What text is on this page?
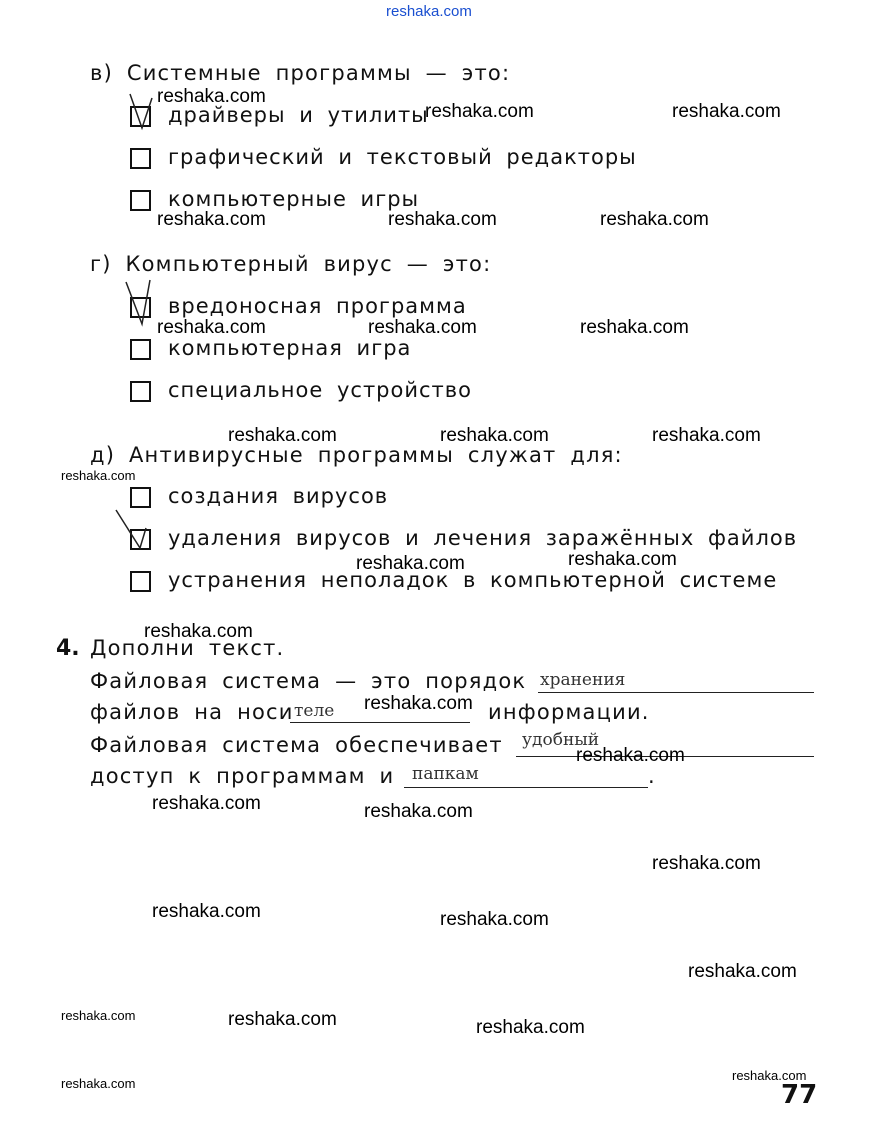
reshaka.com
в) Системные программы — это:
драйверы и утилиты
графический и текстовый редакторы
компьютерные игры
г) Компьютерный вирус — это:
вредоносная программа
компьютерная игра
специальное устройство
д) Антивирусные программы служат для:
создания вирусов
удаления вирусов и лечения заражённых файлов
устранения неполадок в компьютерной системе
4. Дополни текст.
Файловая система — это порядок хранения
файлов на носи теле	информации.
Файловая система обеспечивает удобный
доступ к программам и папкам	.
reshaka.com
reshaka.com	reshaka.com
reshaka.com	reshaka.com	reshaka.com
reshaka.com	reshaka.com	reshaka.com
reshaka.com	reshaka.com	reshaka.com
reshaka.com
reshaka.com	reshaka.com
reshaka.com
reshaka.com
reshaka.com
reshaka.com	reshaka.com
reshaka.com
reshaka.com	reshaka.com
reshaka.com
reshaka.com	reshaka.com	reshaka.com
reshaka.com
reshaka.com
77
